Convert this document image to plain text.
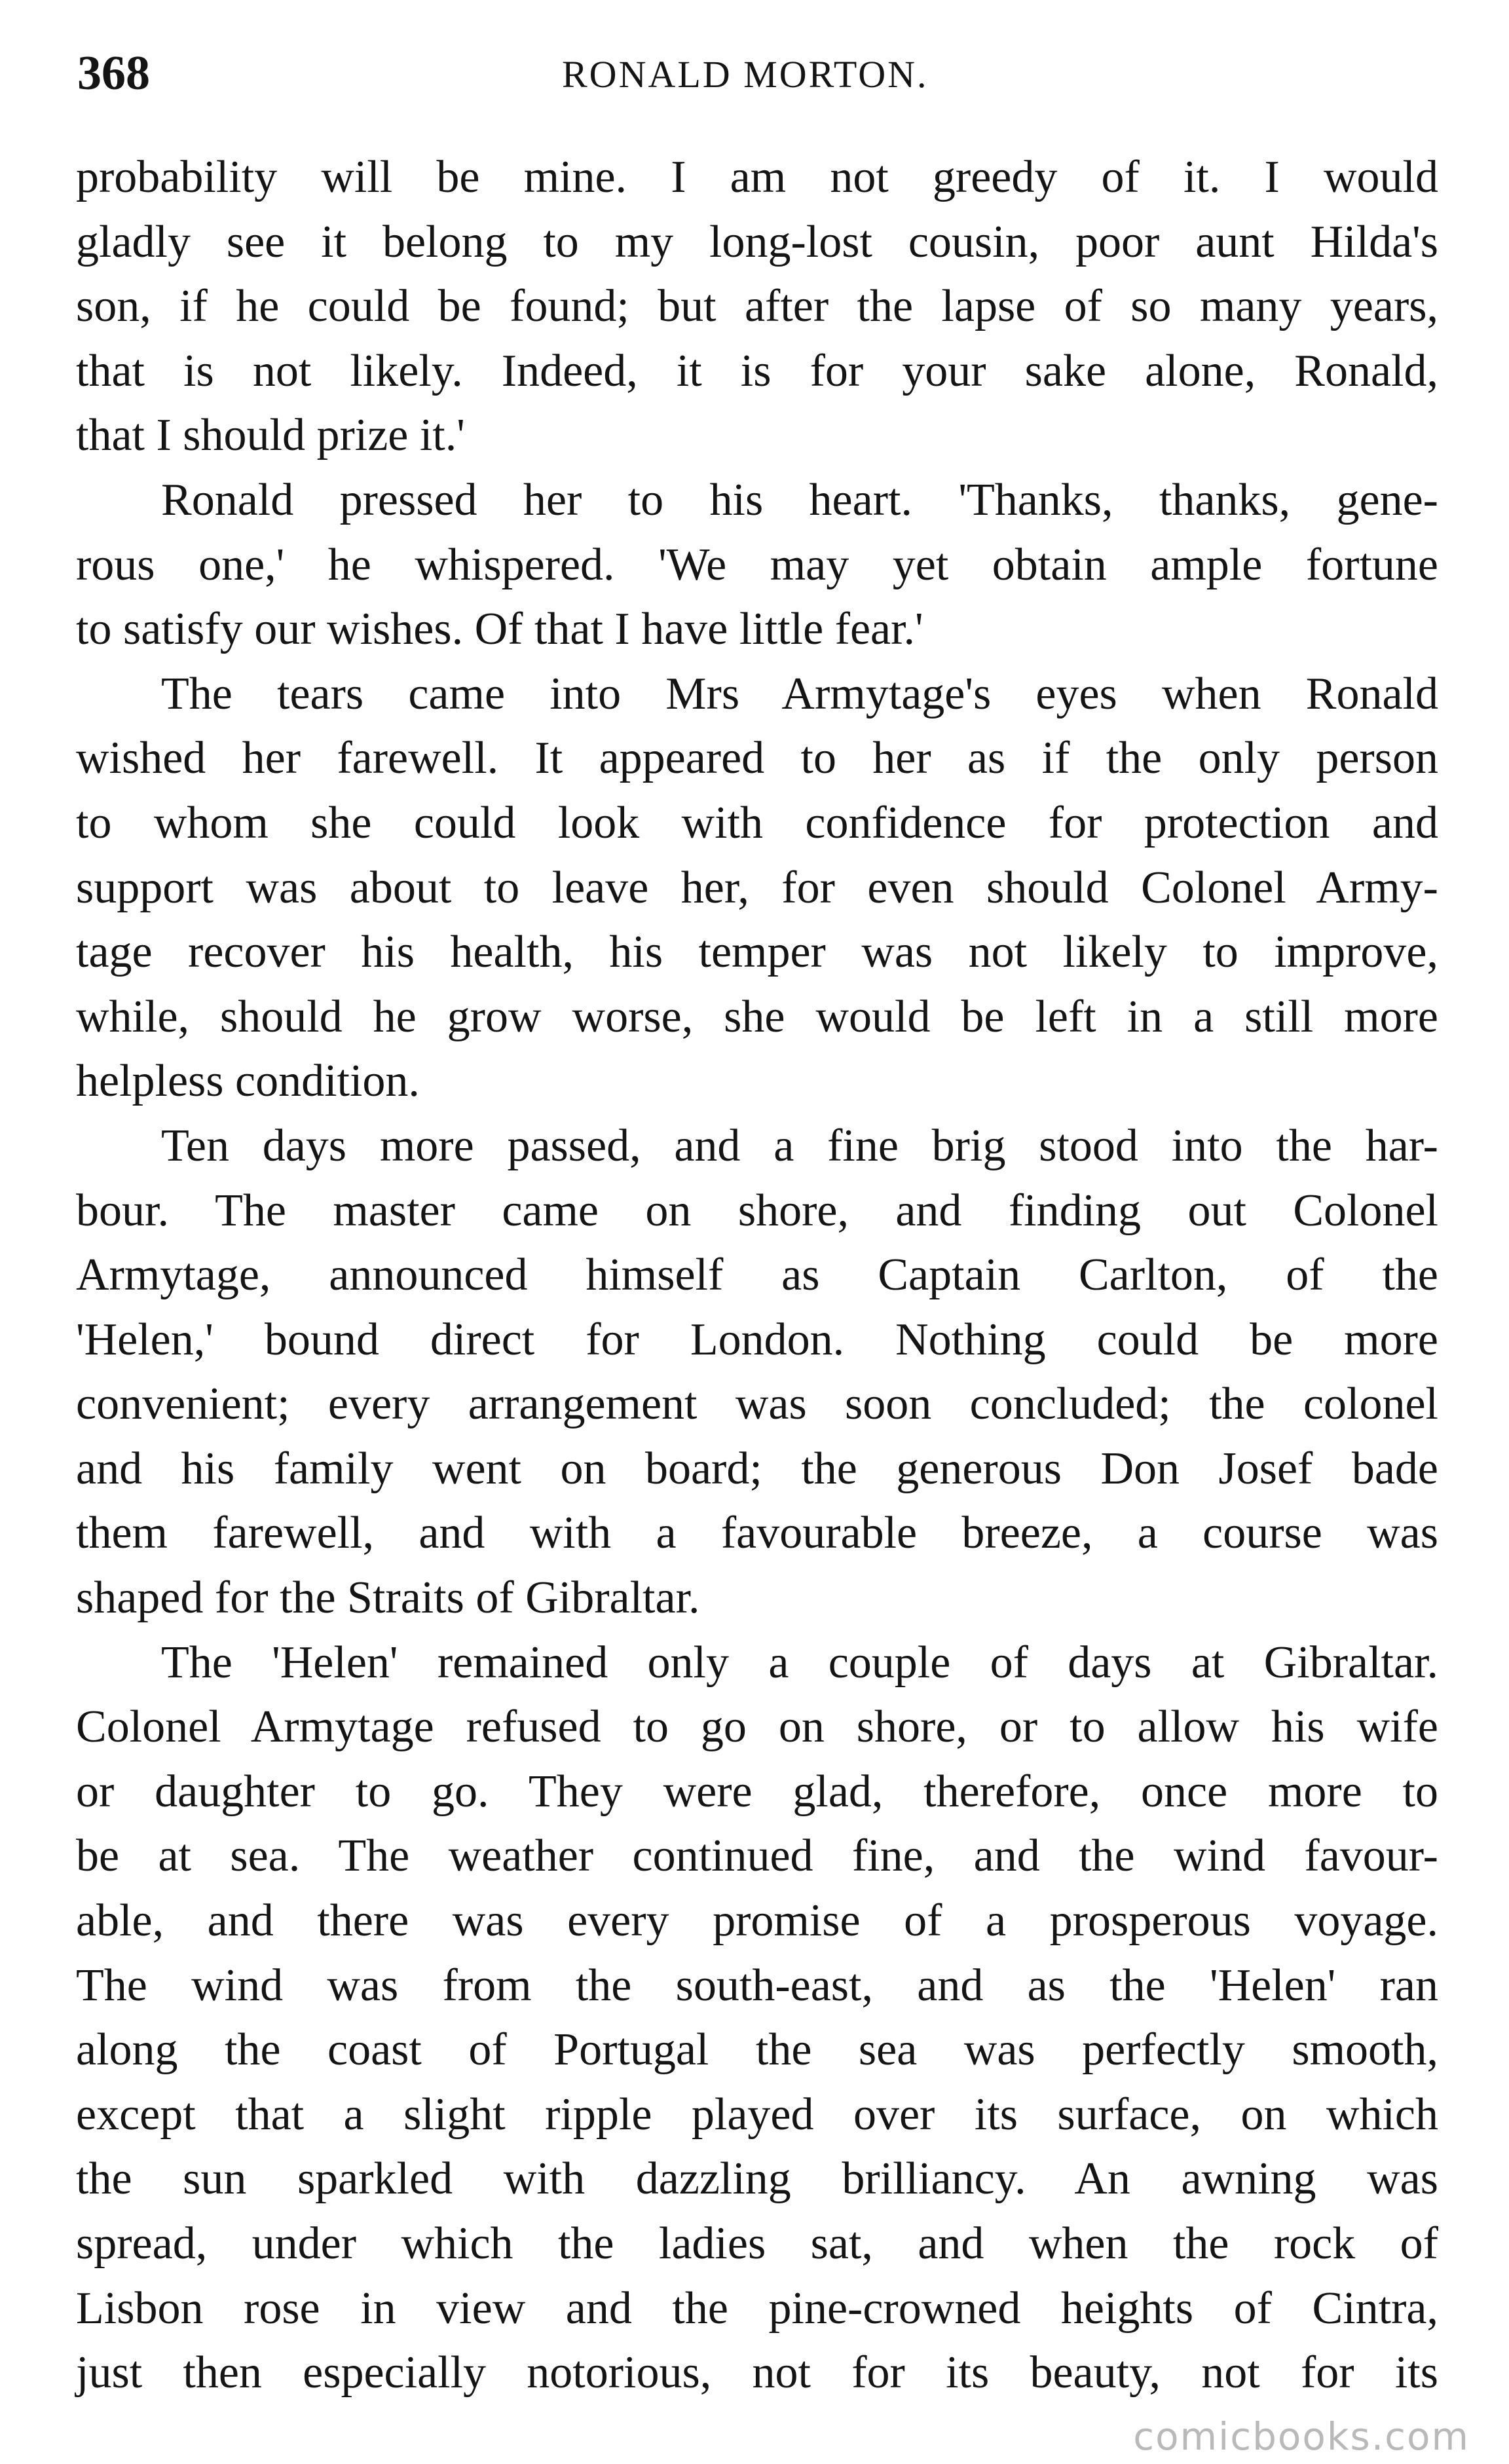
368	RONALD MORTON.
probability will be mine. I am not greedy of it. I would
gladly see it belong to my long-lost cousin, poor aunt Hilda's
son, if he could be found; but after the lapse of so many years,
that is not likely. Indeed, it is for your sake alone, Ronald,
that I should prize it.'
Ronald pressed her to his heart. 'Thanks, thanks, gene-
rous one,' he whispered. 'We may yet obtain ample fortune
to satisfy our wishes. Of that I have little fear.'
The tears came into Mrs Armytage's eyes when Ronald
wished her farewell. It appeared to her as if the only person
to whom she could look with confidence for protection and
support was about to leave her, for even should Colonel Army-
tage recover his health, his temper was not likely to improve,
while, should he grow worse, she would be left in a still more
helpless condition.
Ten days more passed, and a fine brig stood into the har-
bour. The master came on shore, and finding out Colonel
Armytage, announced himself as Captain Carlton, of the
'Helen,' bound direct for London. Nothing could be more
convenient; every arrangement was soon concluded; the colonel
and his family went on board; the generous Don Josef bade
them farewell, and with a favourable breeze, a course was
shaped for the Straits of Gibraltar.
The 'Helen' remained only a couple of days at Gibraltar.
Colonel Armytage refused to go on shore, or to allow his wife
or daughter to go. They were glad, therefore, once more to
be at sea. The weather continued fine, and the wind favour-
able, and there was every promise of a prosperous voyage.
The wind was from the south-east, and as the 'Helen' ran
along the coast of Portugal the sea was perfectly smooth,
except that a slight ripple played over its surface, on which
the sun sparkled with dazzling brilliancy. An awning was
spread, under which the ladies sat, and when the rock of
Lisbon rose in view and the pine-crowned heights of Cintra,
just then especially notorious, not for its beauty, not for its
comicbooks.com
